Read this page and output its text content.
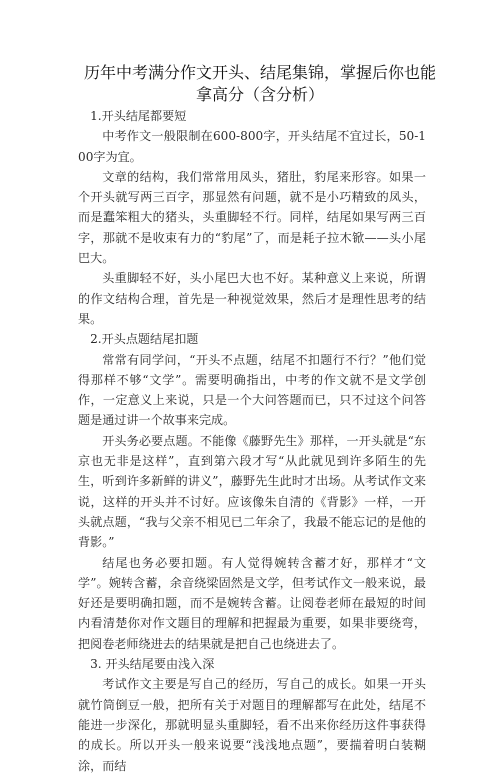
历年中考满分作文开头、结尾集锦，掌握后你也能拿高分（含分析）

1.开头结尾都要短

中考作文一般限制在600-800字，开头结尾不宜过长，50-100字为宜。

文章的结构，我们常常用凤头，猪肚，豹尾来形容。如果一个开头就写两三百字，那显然有问题，就不是小巧精致的凤头，而是蠢笨粗大的猪头，头重脚轻不行。同样，结尾如果写两三百字，那就不是收束有力的“豹尾”了，而是耗子拉木锨——头小尾巴大。

头重脚轻不好，头小尾巴大也不好。某种意义上来说，所谓的作文结构合理，首先是一种视觉效果，然后才是理性思考的结果。

2.开头点题结尾扣题

常常有同学问，“开头不点题，结尾不扣题行不行？”他们觉得那样不够“文学”。需要明确指出，中考的作文就不是文学创作，一定意义上来说，只是一个大问答题而已，只不过这个问答题是通过讲一个故事来完成。

开头务必要点题。不能像《藤野先生》那样，一开头就是“东京也无非是这样”，直到第六段才写“从此就见到许多陌生的先生，听到许多新鲜的讲义”，藤野先生此时才出场。从考试作文来说，这样的开头并不讨好。应该像朱自清的《背影》一样，一开头就点题，“我与父亲不相见已二年余了，我最不能忘记的是他的背影。”

结尾也务必要扣题。有人觉得婉转含蓄才好，那样才“文学”。婉转含蓄，余音绕梁固然是文学，但考试作文一般来说，最好还是要明确扣题，而不是婉转含蓄。让阅卷老师在最短的时间内看清楚你对作文题目的理解和把握最为重要，如果非要绕弯，把阅卷老师绕进去的结果就是把自己也绕进去了。

3. 开头结尾要由浅入深

考试作文主要是写自己的经历，写自己的成长。如果一开头就竹筒倒豆一般，把所有关于对题目的理解都写在此处，结尾不能进一步深化，那就明显头重脚轻，看不出来你经历这件事获得的成长。所以开头一般来说要“浅浅地点题”，要揣着明白装糊涂，而结
